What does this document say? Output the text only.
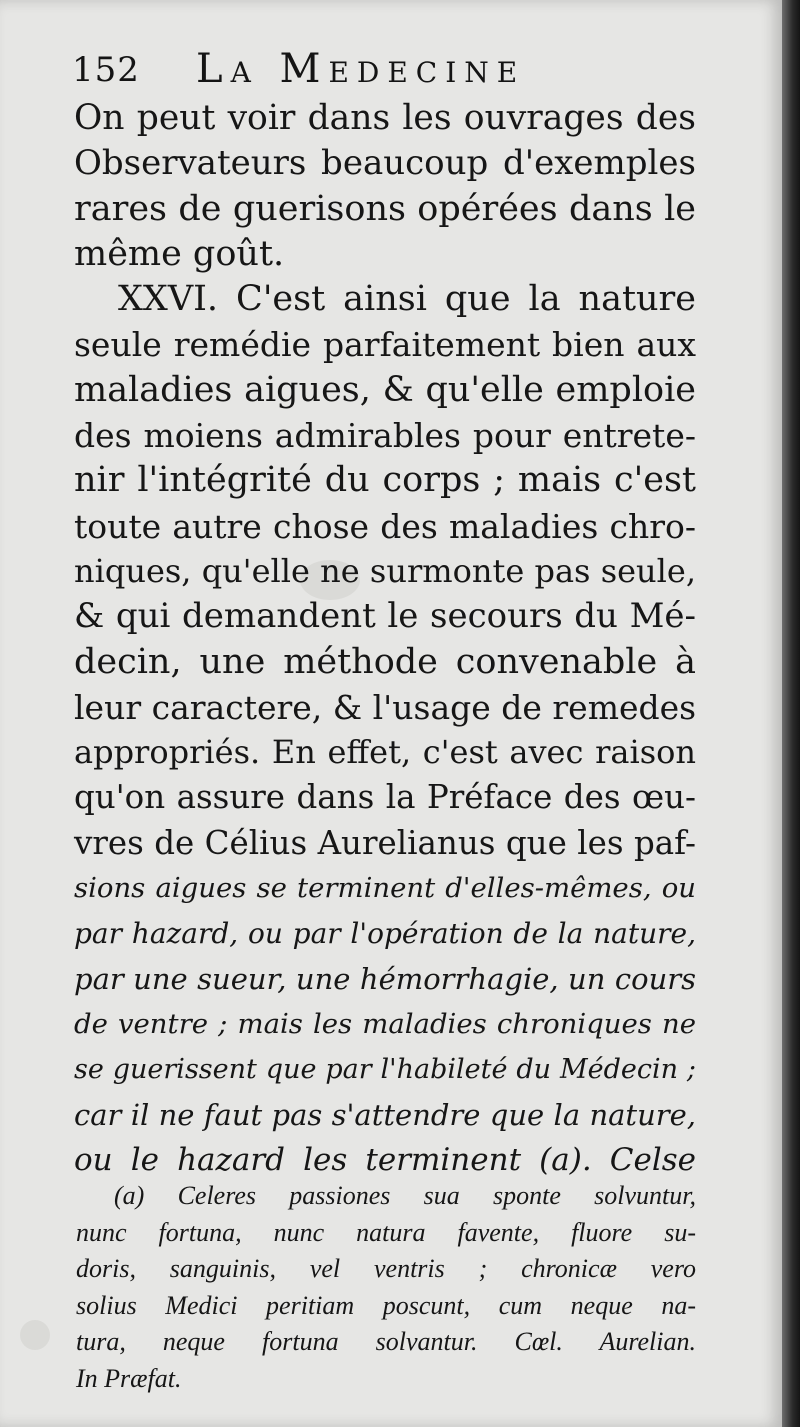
152 La Medecine
On peut voir dans les ouvrages des
Observateurs beaucoup d'exemples
rares de guerisons opérées dans le
même goût.
XXVI. C'est ainsi que la nature
seule remédie parfaitement bien aux
maladies aigues, & qu'elle emploie
des moiens admirables pour entrete-
nir l'intégrité du corps ; mais c'est
toute autre chose des maladies chro-
niques, qu'elle ne surmonte pas seule,
& qui demandent le secours du Mé-
decin, une méthode convenable à
leur caractere, & l'usage de remedes
appropriés. En effet, c'est avec raison
qu'on assure dans la Préface des œu-
vres de Célius Aurelianus que les paf-
sions aigues se terminent d'elles-mêmes, ou
par hazard, ou par l'opération de la nature,
par une sueur, une hémorrhagie, un cours
de ventre ; mais les maladies chroniques ne
se guerissent que par l'habileté du Médecin ;
car il ne faut pas s'attendre que la nature,
ou le hazard les terminent (a). Celse
(a) Celeres passiones sua sponte solvuntur,
nunc fortuna, nunc natura favente, fluore su-
doris, sanguinis, vel ventris ; chronicæ vero
solius Medici peritiam poscunt, cum neque na-
tura, neque fortuna solvantur. Cœl. Aurelian.
In Præfat.
